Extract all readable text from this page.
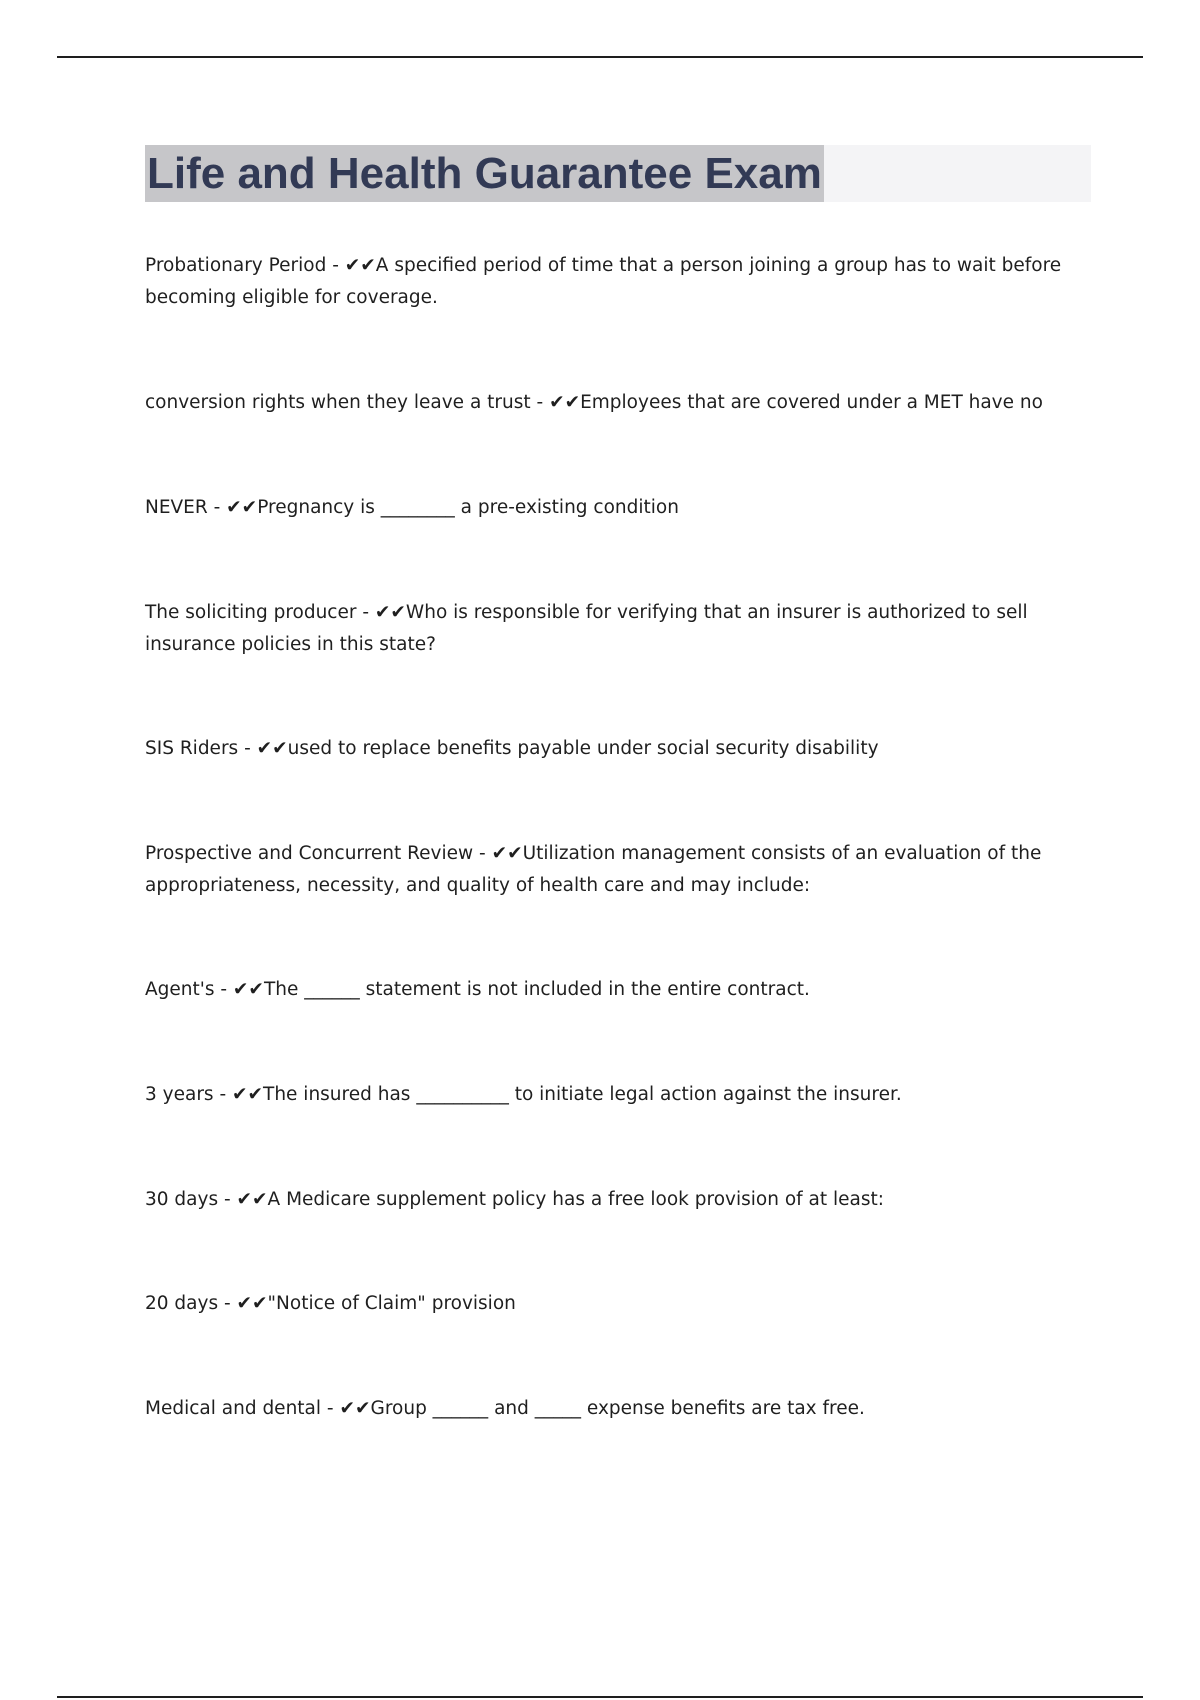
Life and Health Guarantee Exam

Probationary Period - ✔✔A specified period of time that a person joining a group has to wait before becoming eligible for coverage.

conversion rights when they leave a trust - ✔✔Employees that are covered under a MET have no

NEVER - ✔✔Pregnancy is ________ a pre-existing condition

The soliciting producer - ✔✔Who is responsible for verifying that an insurer is authorized to sell insurance policies in this state?

SIS Riders - ✔✔used to replace benefits payable under social security disability

Prospective and Concurrent Review - ✔✔Utilization management consists of an evaluation of the appropriateness, necessity, and quality of health care and may include:

Agent's - ✔✔The ______ statement is not included in the entire contract.

3 years - ✔✔The insured has __________ to initiate legal action against the insurer.

30 days - ✔✔A Medicare supplement policy has a free look provision of at least:

20 days - ✔✔"Notice of Claim" provision

Medical and dental - ✔✔Group ______ and _____ expense benefits are tax free.
